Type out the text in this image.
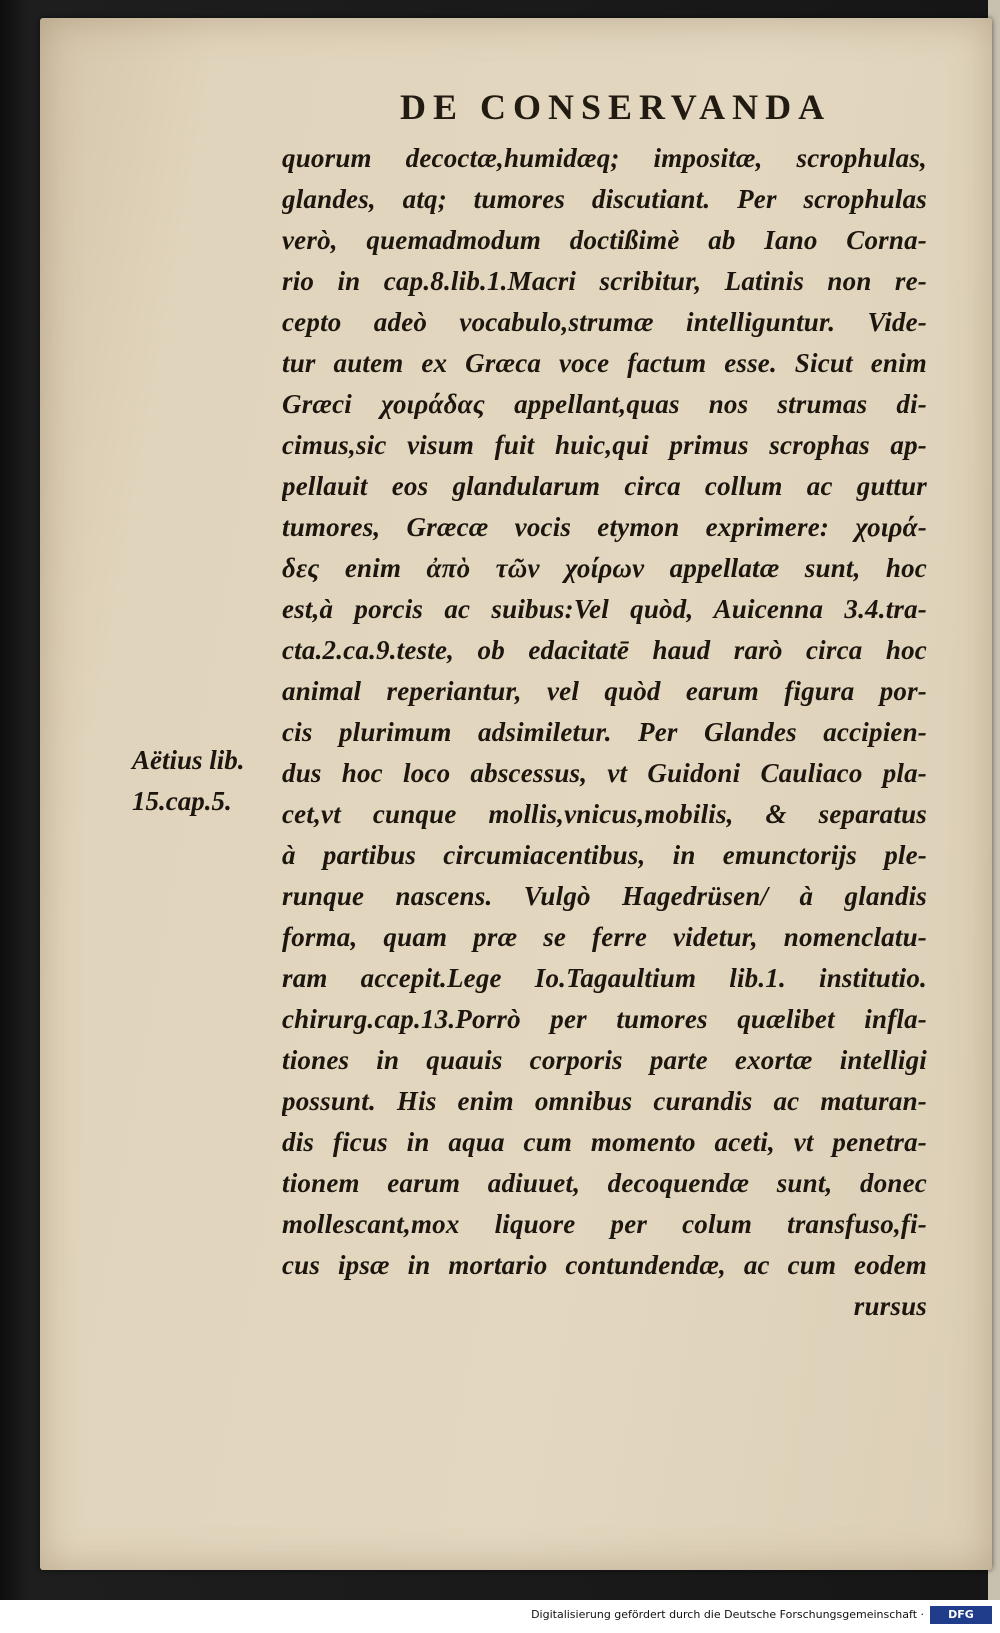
DE CONSERVANDA
quorum decoctæ,humidæq; impositæ, scrophulas,
glandes, atq; tumores discutiant. Per scrophulas
verò, quemadmodum doctißimè ab Iano Corna-
rio in cap.8.lib.1.Macri scribitur, Latinis non re-
cepto adeò vocabulo,strumæ intelliguntur. Vide-
tur autem ex Græca voce factum esse. Sicut enim
Græci χοιράδας appellant,quas nos strumas di-
cimus,sic visum fuit huic,qui primus scrophas ap-
pellauit eos glandularum circa collum ac guttur
tumores, Græcæ vocis etymon exprimere: χοιρά-
δες enim ἀπὸ τῶν χοίρων appellatæ sunt, hoc
est,à porcis ac suibus:Vel quòd, Auicenna 3.4.tra-
cta.2.ca.9.teste, ob edacitatē haud rarò circa hoc
animal reperiantur, vel quòd earum figura por-
cis plurimum adsimiletur. Per Glandes accipien-
dus hoc loco abscessus, vt Guidoni Cauliaco pla-
cet,vt cunque mollis,vnicus,mobilis, & separatus
à partibus circumiacentibus, in emunctorijs ple-
runque nascens. Vulgò Hagedrüsen/ à glandis
forma, quam præ se ferre videtur, nomenclatu-
ram accepit.Lege Io.Tagaultium lib.1. institutio.
chirurg.cap.13.Porrò per tumores quælibet infla-
tiones in quauis corporis parte exortæ intelligi
possunt. His enim omnibus curandis ac maturan-
dis ficus in aqua cum momento aceti, vt penetra-
tionem earum adiuuet, decoquendæ sunt, donec
mollescant,mox liquore per colum transfuso,fi-
cus ipsæ in mortario contundendæ, ac cum eodem
rursus
Aëtius lib.
15.cap.5.
Digitalisierung gefördert durch die Deutsche Forschungsgemeinschaft ·	DFG
